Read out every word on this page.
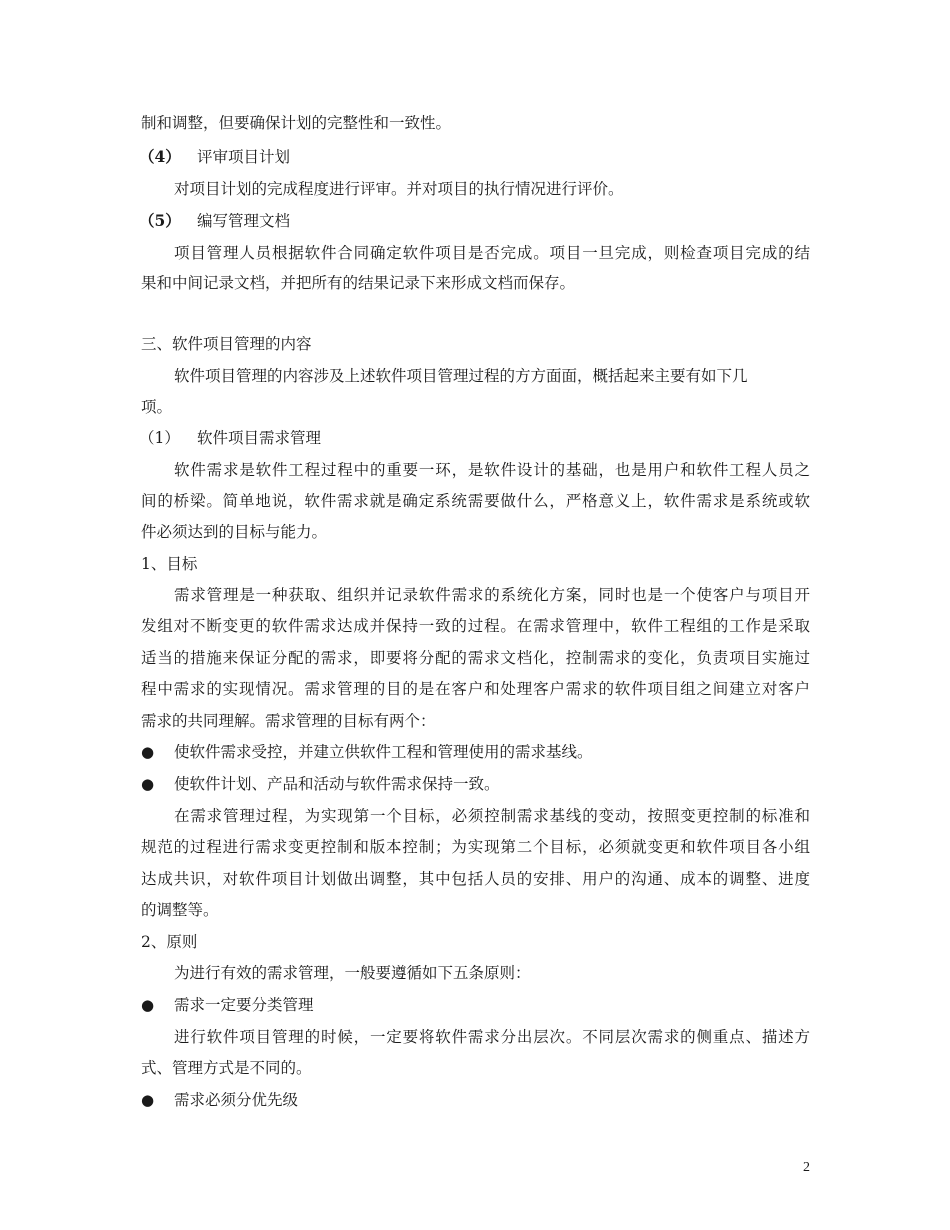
制和调整，但要确保计划的完整性和一致性。
（4） 评审项目计划
对项目计划的完成程度进行评审。并对项目的执行情况进行评价。
（5） 编写管理文档
项目管理人员根据软件合同确定软件项目是否完成。项目一旦完成，则检查项目完成的结
果和中间记录文档，并把所有的结果记录下来形成文档而保存。
三、软件项目管理的内容
软件项目管理的内容涉及上述软件项目管理过程的方方面面，概括起来主要有如下几
项。
（1） 软件项目需求管理
软件需求是软件工程过程中的重要一环，是软件设计的基础，也是用户和软件工程人员之
间的桥梁。简单地说，软件需求就是确定系统需要做什么，严格意义上，软件需求是系统或软
件必须达到的目标与能力。
1、目标
需求管理是一种获取、组织并记录软件需求的系统化方案，同时也是一个使客户与项目开
发组对不断变更的软件需求达成并保持一致的过程。在需求管理中，软件工程组的工作是采取
适当的措施来保证分配的需求，即要将分配的需求文档化，控制需求的变化，负责项目实施过
程中需求的实现情况。需求管理的目的是在客户和处理客户需求的软件项目组之间建立对客户
需求的共同理解。需求管理的目标有两个：
● 使软件需求受控，并建立供软件工程和管理使用的需求基线。
● 使软件计划、产品和活动与软件需求保持一致。
在需求管理过程，为实现第一个目标，必须控制需求基线的变动，按照变更控制的标准和
规范的过程进行需求变更控制和版本控制；为实现第二个目标，必须就变更和软件项目各小组
达成共识，对软件项目计划做出调整，其中包括人员的安排、用户的沟通、成本的调整、进度
的调整等。
2、原则
为进行有效的需求管理，一般要遵循如下五条原则：
● 需求一定要分类管理
进行软件项目管理的时候，一定要将软件需求分出层次。不同层次需求的侧重点、描述方
式、管理方式是不同的。
● 需求必须分优先级
2
